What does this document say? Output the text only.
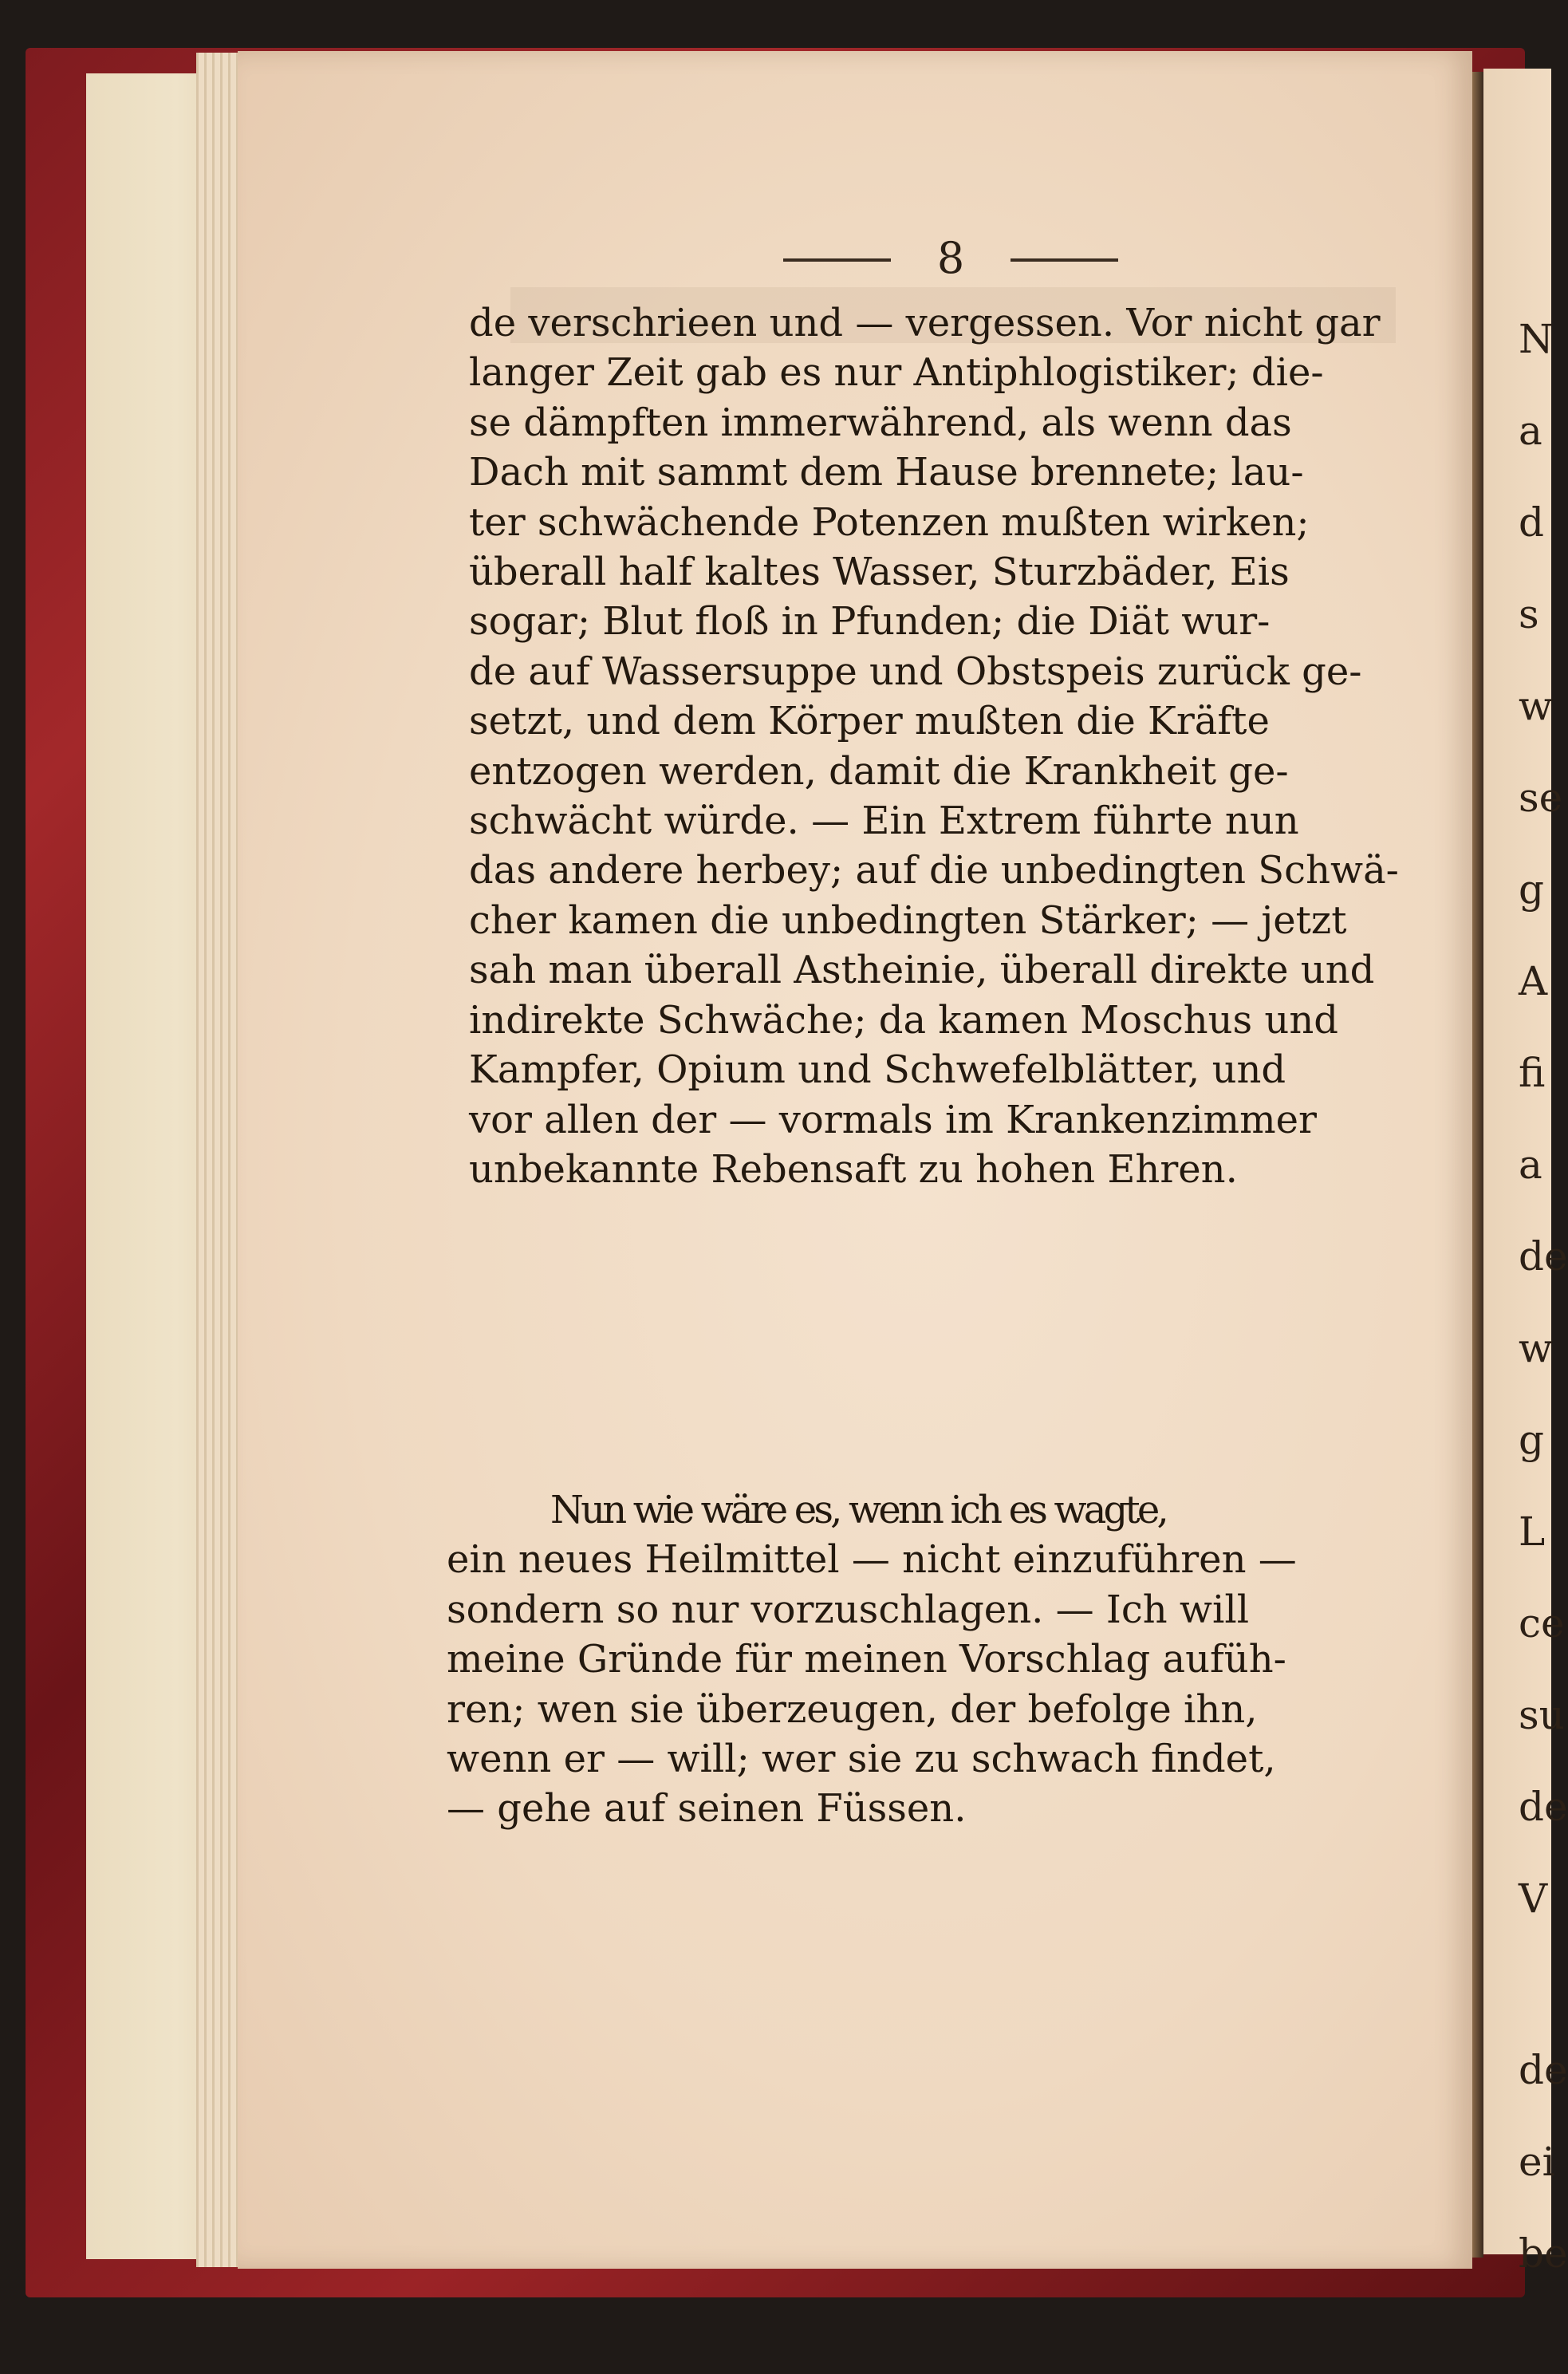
N
a
d
s
w
se
g
A
fi
a
de
w
g
L
ce
su
de
V
de
ei
be
8
de verschrieen und — vergessen. Vor nicht gar
langer Zeit gab es nur Antiphlogistiker; die-
se dämpften immerwährend, als wenn das
Dach mit sammt dem Hause brennete; lau-
ter schwächende Potenzen mußten wirken;
überall half kaltes Wasser, Sturzbäder, Eis
sogar; Blut floß in Pfunden; die Diät wur-
de auf Wassersuppe und Obstspeis zurück ge-
setzt, und dem Körper mußten die Kräfte
entzogen werden, damit die Krankheit ge-
schwächt würde. — Ein Extrem führte nun
das andere herbey; auf die unbedingten Schwä-
cher kamen die unbedingten Stärker; — jetzt
sah man überall Astheinie, überall direkte und
indirekte Schwäche; da kamen Moschus und
Kampfer, Opium und Schwefelblätter, und
vor allen der — vormals im Krankenzimmer
unbekannte Rebensaft zu hohen Ehren.
Nun wie wäre es, wenn ich es wagte,
ein neues Heilmittel — nicht einzuführen —
sondern so nur vorzuschlagen. — Ich will
meine Gründe für meinen Vorschlag aufüh-
ren; wen sie überzeugen, der befolge ihn,
wenn er — will; wer sie zu schwach findet,
— gehe auf seinen Füssen.
